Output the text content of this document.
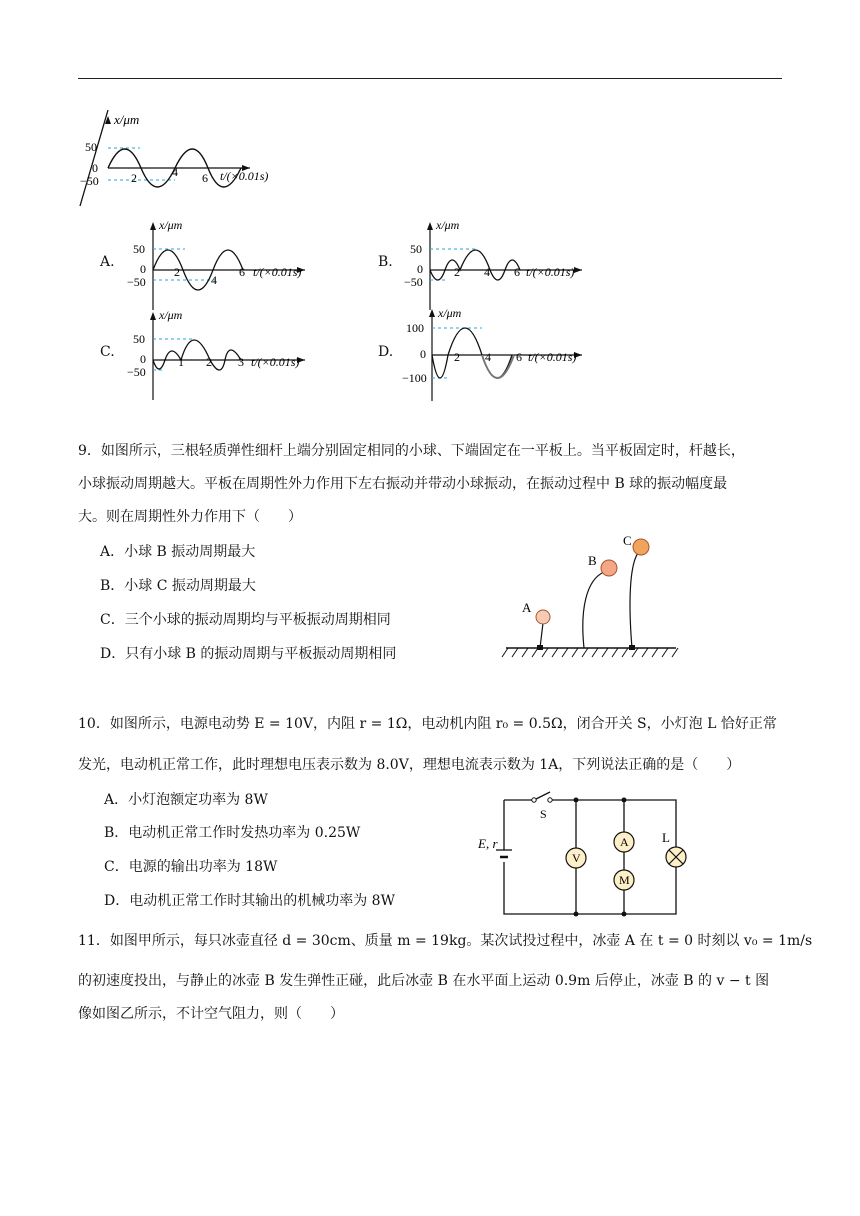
x/μm
50
0
−50	2	4 6 t/(×0.01s)
A.
x/μm
50
0
−50
2
4
6 t/(×0.01s)
B.
x/μm
50
0
−50
2 4 6 t/(×0.01s)
C.
x/μm
50
0
−50
1 2 3 t/(×0.01s)
D.
x/μm
100
0
−100
2 4 6 t/(×0.01s)
9．如图所示，三根轻质弹性细杆上端分别固定相同的小球、下端固定在一平板上。当平板固定时，杆越长，
小球振动周期越大。平板在周期性外力作用下左右振动并带动小球振动，在振动过程中 B 球的振动幅度最
大。则在周期性外力作用下（　　）
A．小球 B 振动周期最大
B．小球 C 振动周期最大
C．三个小球的振动周期均与平板振动周期相同
D．只有小球 B 的振动周期与平板振动周期相同
A
B
C
10．如图所示，电源电动势 E = 10V，内阻 r = 1Ω，电动机内阻 r₀ = 0.5Ω，闭合开关 S，小灯泡 L 恰好正常
发光，电动机正常工作，此时理想电压表示数为 8.0V，理想电流表示数为 1A，下列说法正确的是（　　）
A．小灯泡额定功率为 8W
B．电动机正常工作时发热功率为 0.25W
C．电源的输出功率为 18W
D．电动机正常工作时其输出的机械功率为 8W
E, r
S
V
A
M
L
11．如图甲所示，每只冰壶直径 d = 30cm、质量 m = 19kg。某次试投过程中，冰壶 A 在 t = 0 时刻以 v₀ = 1m/s
的初速度投出，与静止的冰壶 B 发生弹性正碰，此后冰壶 B 在水平面上运动 0.9m 后停止，冰壶 B 的 v − t 图
像如图乙所示，不计空气阻力，则（　　）
